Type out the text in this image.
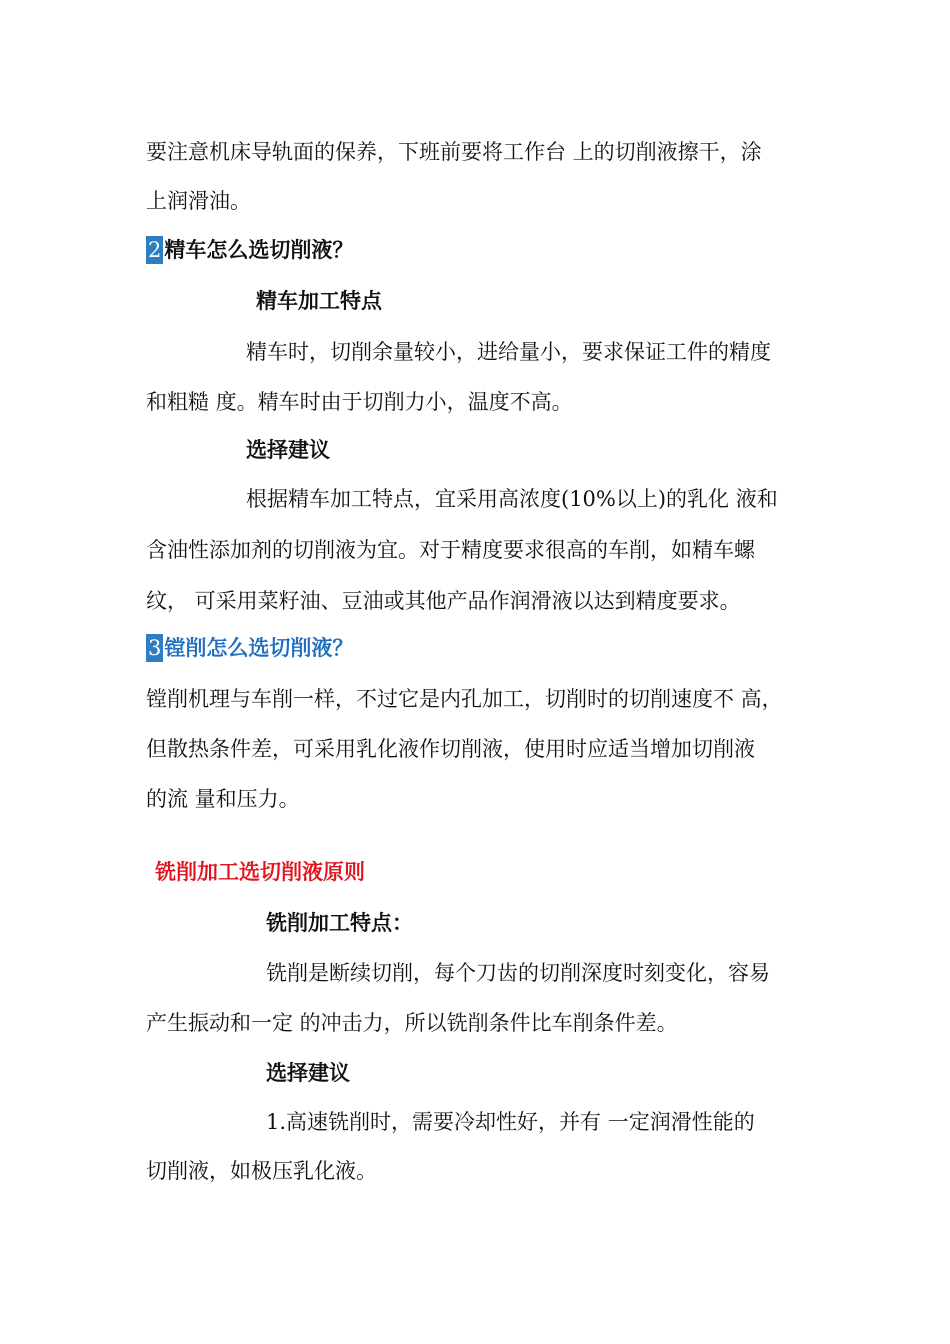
要注意机床导轨面的保养，下班前要将工作台 上的切削液擦干，涂
上润滑油。
2 精车怎么选切削液？
精车加工特点
精车时，切削余量较小，进给量小，要求保证工件的精度
和粗糙 度。精车时由于切削力小，温度不高。
选择建议
根据精车加工特点，宜采用高浓度(10%以上)的乳化 液和
含油性添加剂的切削液为宜。对于精度要求很高的车削，如精车螺
纹， 可采用菜籽油、豆油或其他产品作润滑液以达到精度要求。
3 镗削怎么选切削液？
镗削机理与车削一样，不过它是内孔加工，切削时的切削速度不 高，
但散热条件差，可采用乳化液作切削液，使用时应适当增加切削液
的流 量和压力。
铣削加工选切削液原则
铣削加工特点：
铣削是断续切削，每个刀齿的切削深度时刻变化，容易
产生振动和一定 的冲击力，所以铣削条件比车削条件差。
选择建议
1.高速铣削时，需要冷却性好，并有 一定润滑性能的
切削液，如极压乳化液。
